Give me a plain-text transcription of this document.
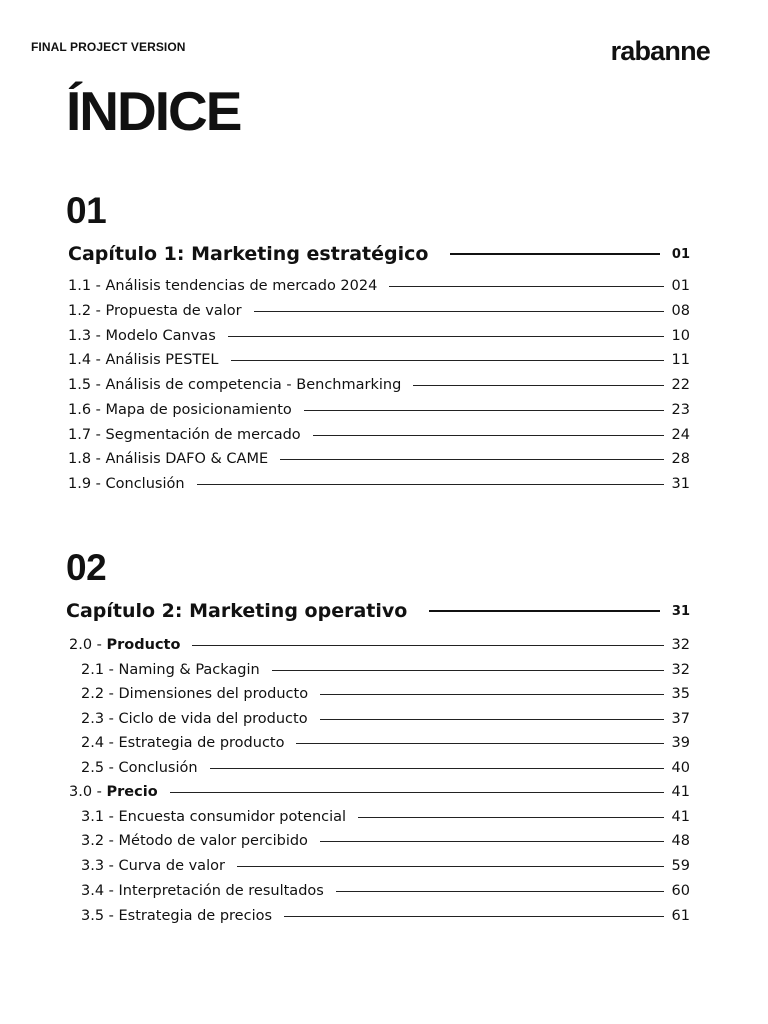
FINAL PROJECT VERSION	rabanne
ÍNDICE
01
Capítulo 1: Marketing estratégico	01
1.1 - Análisis tendencias de mercado 2024	01
1.2 - Propuesta de valor	08
1.3 - Modelo Canvas	10
1.4 - Análisis PESTEL	11
1.5 - Análisis de competencia - Benchmarking	22
1.6 - Mapa de posicionamiento	23
1.7 - Segmentación de mercado	24
1.8 - Análisis DAFO & CAME	28
1.9 - Conclusión	31
02
Capítulo 2: Marketing operativo	31
2.0 - Producto	32
2.1 - Naming & Packagin	32
2.2 - Dimensiones del producto	35
2.3 - Ciclo de vida del producto	37
2.4 - Estrategia de producto	39
2.5 - Conclusión	40
3.0 - Precio	41
3.1 - Encuesta consumidor potencial	41
3.2 - Método de valor percibido	48
3.3 - Curva de valor	59
3.4 - Interpretación de resultados	60
3.5 - Estrategia de precios	61
